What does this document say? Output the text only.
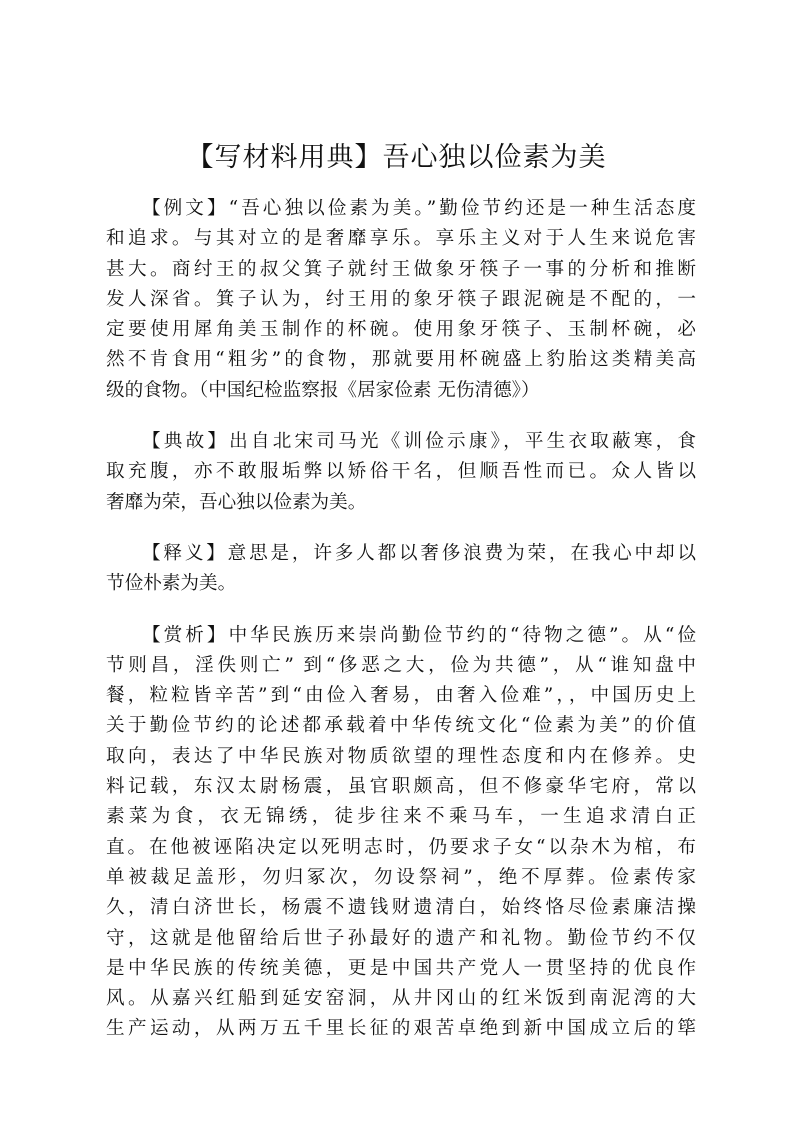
【写材料用典】吾心独以俭素为美
【例文】“吾心独以俭素为美。”勤俭节约还是一种生活态度
和追求。与其对立的是奢靡享乐。享乐主义对于人生来说危害
甚大。商纣王的叔父箕子就纣王做象牙筷子一事的分析和推断
发人深省。箕子认为，纣王用的象牙筷子跟泥碗是不配的，一
定要使用犀角美玉制作的杯碗。使用象牙筷子、玉制杯碗，必
然不肯食用“粗劣”的食物，那就要用杯碗盛上豹胎这类精美高
级的食物。（中国纪检监察报《居家俭素 无伤清德》）
【典故】出自北宋司马光《训俭示康》，平生衣取蔽寒，食
取充腹，亦不敢服垢弊以矫俗干名，但顺吾性而已。众人皆以
奢靡为荣，吾心独以俭素为美。
【释义】意思是，许多人都以奢侈浪费为荣，在我心中却以
节俭朴素为美。
【赏析】中华民族历来崇尚勤俭节约的“待物之德”。从“俭
节则昌，淫佚则亡” 到“侈恶之大，俭为共德”，从“谁知盘中
餐，粒粒皆辛苦”到“由俭入奢易，由奢入俭难”，，中国历史上
关于勤俭节约的论述都承载着中华传统文化“俭素为美”的价值
取向，表达了中华民族对物质欲望的理性态度和内在修养。史
料记载，东汉太尉杨震，虽官职颇高，但不修豪华宅府，常以
素菜为食，衣无锦绣，徒步往来不乘马车，一生追求清白正
直。在他被诬陷决定以死明志时，仍要求子女“以杂木为棺，布
单被裁足盖形，勿归冢次，勿设祭祠”，绝不厚葬。俭素传家
久，清白济世长，杨震不遗钱财遗清白，始终恪尽俭素廉洁操
守，这就是他留给后世子孙最好的遗产和礼物。勤俭节约不仅
是中华民族的传统美德，更是中国共产党人一贯坚持的优良作
风。从嘉兴红船到延安窑洞，从井冈山的红米饭到南泥湾的大
生产运动，从两万五千里长征的艰苦卓绝到新中国成立后的筚
